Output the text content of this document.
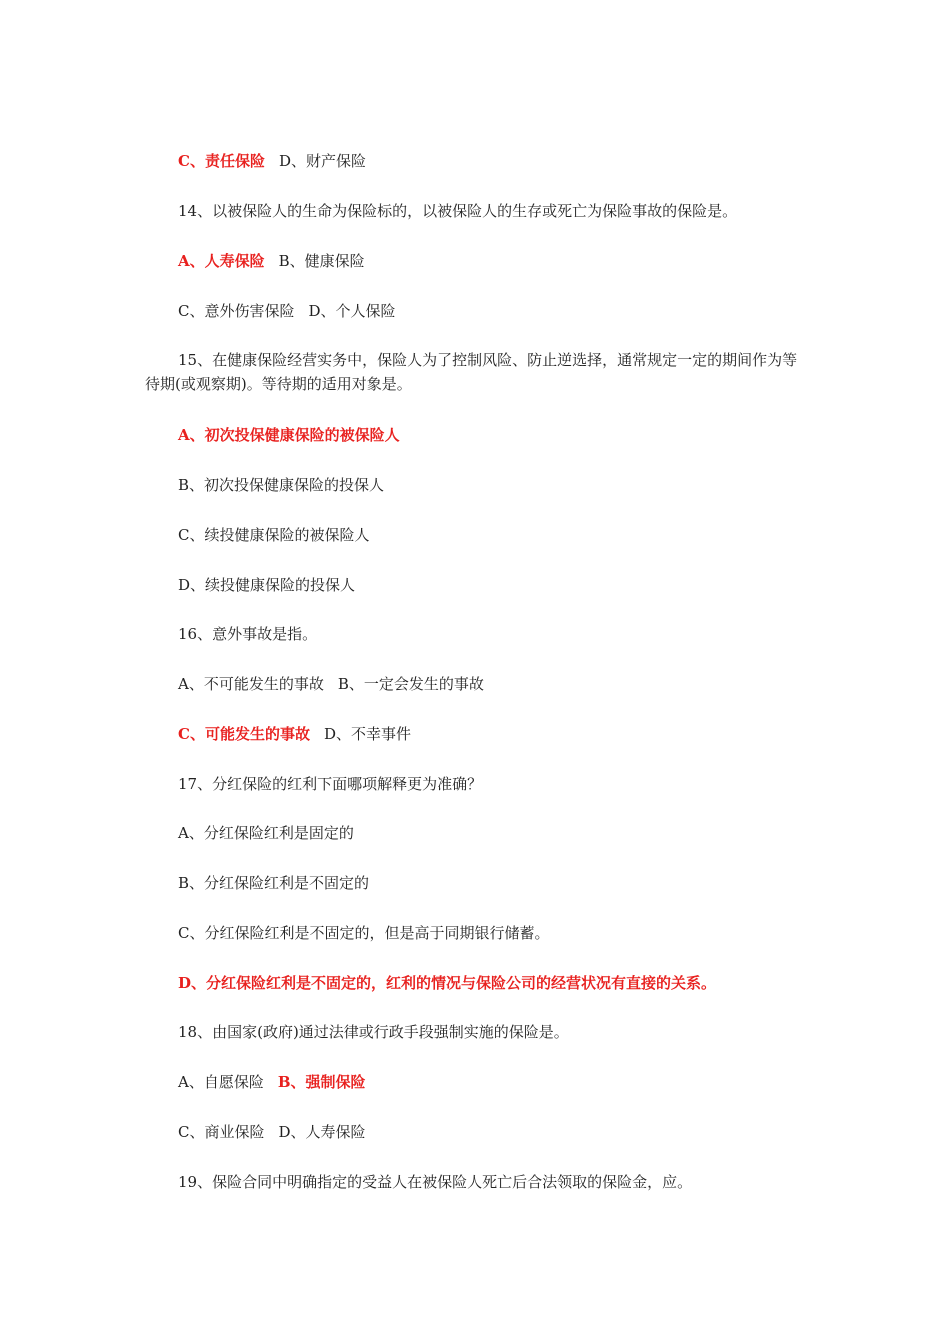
C、责任保险 D、财产保险
14、以被保险人的生命为保险标的，以被保险人的生存或死亡为保险事故的保险是。
A、人寿保险 B、健康保险
C、意外伤害保险 D、个人保险
15、在健康保险经营实务中，保险人为了控制风险、防止逆选择，通常规定一定的期间作为等待期(或观察期)。等待期的适用对象是。
A、初次投保健康保险的被保险人
B、初次投保健康保险的投保人
C、续投健康保险的被保险人
D、续投健康保险的投保人
16、意外事故是指。
A、不可能发生的事故 B、一定会发生的事故
C、可能发生的事故 D、不幸事件
17、分红保险的红利下面哪项解释更为准确？
A、分红保险红利是固定的
B、分红保险红利是不固定的
C、分红保险红利是不固定的，但是高于同期银行储蓄。
D、分红保险红利是不固定的，红利的情况与保险公司的经营状况有直接的关系。
18、由国家(政府)通过法律或行政手段强制实施的保险是。
A、自愿保险 B、强制保险
C、商业保险 D、人寿保险
19、保险合同中明确指定的受益人在被保险人死亡后合法领取的保险金，应。
